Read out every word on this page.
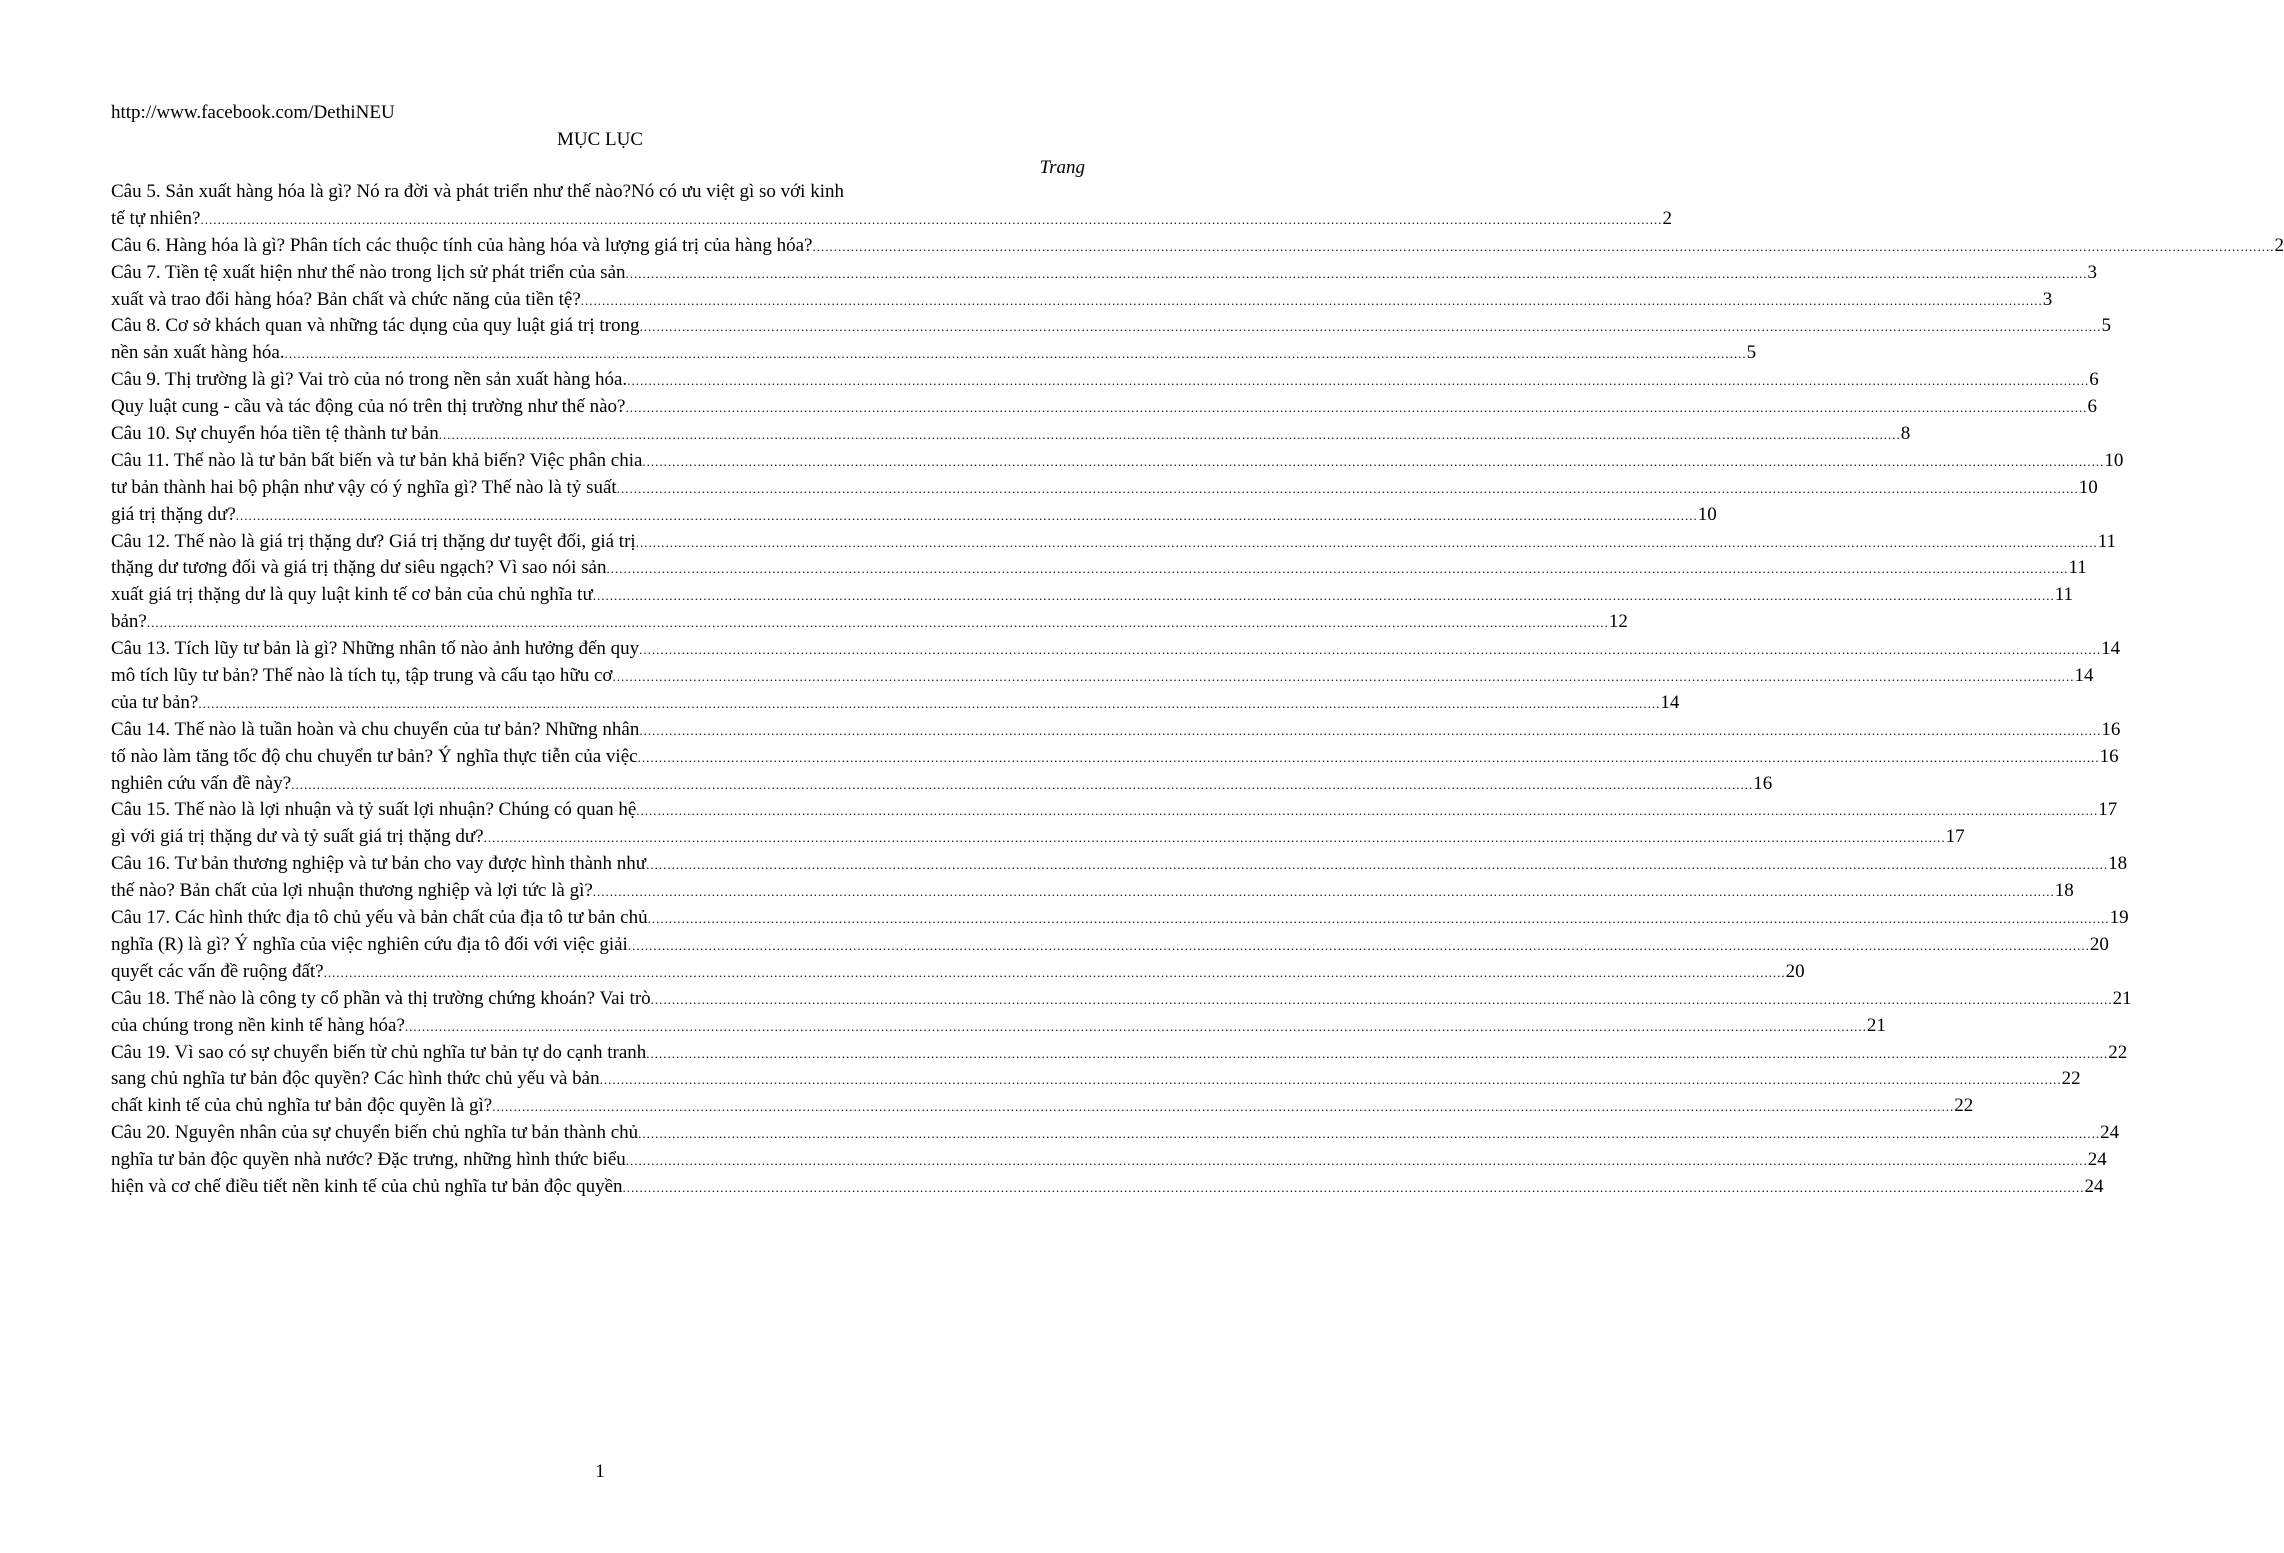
http://www.facebook.com/DethiNEU
MỤC LỤC
Trang
Câu 5. Sản xuất hàng hóa là gì? Nó ra đời và phát triển như thế nào?Nó có ưu việt gì so với kinh
tế tự nhiên? .....	2
Câu 6. Hàng hóa là gì? Phân tích các thuộc tính của hàng hóa và lượng giá trị của hàng hóa? .....	2
Câu 7. Tiền tệ xuất hiện như thế nào trong lịch sử phát triển của sản .....	3
xuất và trao đổi hàng hóa? Bản chất và chức năng của tiền tệ? .....	3
Câu 8. Cơ sở khách quan và những tác dụng của quy luật giá trị trong .....	5
nền sản xuất hàng hóa. .....	5
Câu 9. Thị trường là gì? Vai trò của nó trong nền sản xuất hàng hóa. .....	6
Quy luật cung - cầu và tác động của nó trên thị trường như thế nào? .....	6
Câu 10. Sự chuyển hóa tiền tệ thành tư bản .....	8
Câu 11. Thế nào là tư bản bất biến và tư bản khả biến? Việc phân chia .....	10
tư bản thành hai bộ phận như vậy có ý nghĩa gì? Thế nào là tỷ suất .....	10
giá trị thặng dư? .....	10
Câu 12. Thế nào là giá trị thặng dư? Giá trị thặng dư tuyệt đối, giá trị .....	11
thặng dư tương đối và giá trị thặng dư siêu ngạch? Vì sao nói sản .....	11
xuất giá trị thặng dư là quy luật kinh tế cơ bản của chủ nghĩa tư .....	11
bản? .....	12
Câu 13. Tích lũy tư bản là gì? Những nhân tố nào ảnh hưởng đến quy .....	14
mô tích lũy tư bản? Thế nào là tích tụ, tập trung và cấu tạo hữu cơ .....	14
của tư bản? .....	14
Câu 14. Thế nào là tuần hoàn và chu chuyển của tư bản? Những nhân .....	16
tố nào làm tăng tốc độ chu chuyển tư bản? Ý nghĩa thực tiễn của việc .....	16
nghiên cứu vấn đề này? .....	16
Câu 15. Thế nào là lợi nhuận và tỷ suất lợi nhuận? Chúng có quan hệ .....	17
gì với giá trị thặng dư và tỷ suất giá trị thặng dư? .....	17
Câu 16. Tư bản thương nghiệp và tư bản cho vay được hình thành như .....	18
thế nào? Bản chất của lợi nhuận thương nghiệp và lợi tức là gì? .....	18
Câu 17. Các hình thức địa tô chủ yếu và bản chất của địa tô tư bản chủ .....	19
nghĩa (R) là gì? Ý nghĩa của việc nghiên cứu địa tô đối với việc giải .....	20
quyết các vấn đề ruộng đất? .....	20
Câu 18. Thế nào là công ty cổ phần và thị trường chứng khoán? Vai trò .....	21
của chúng trong nền kinh tế hàng hóa? .....	21
Câu 19. Vì sao có sự chuyển biến từ chủ nghĩa tư bản tự do cạnh tranh .....	22
sang chủ nghĩa tư bản độc quyền? Các hình thức chủ yếu và bản .....	22
chất kinh tế của chủ nghĩa tư bản độc quyền là gì? .....	22
Câu 20. Nguyên nhân của sự chuyển biến chủ nghĩa tư bản thành chủ .....	24
nghĩa tư bản độc quyền nhà nước? Đặc trưng, những hình thức biểu .....	24
hiện và cơ chế điều tiết nền kinh tế của chủ nghĩa tư bản độc quyền .....	24
1
